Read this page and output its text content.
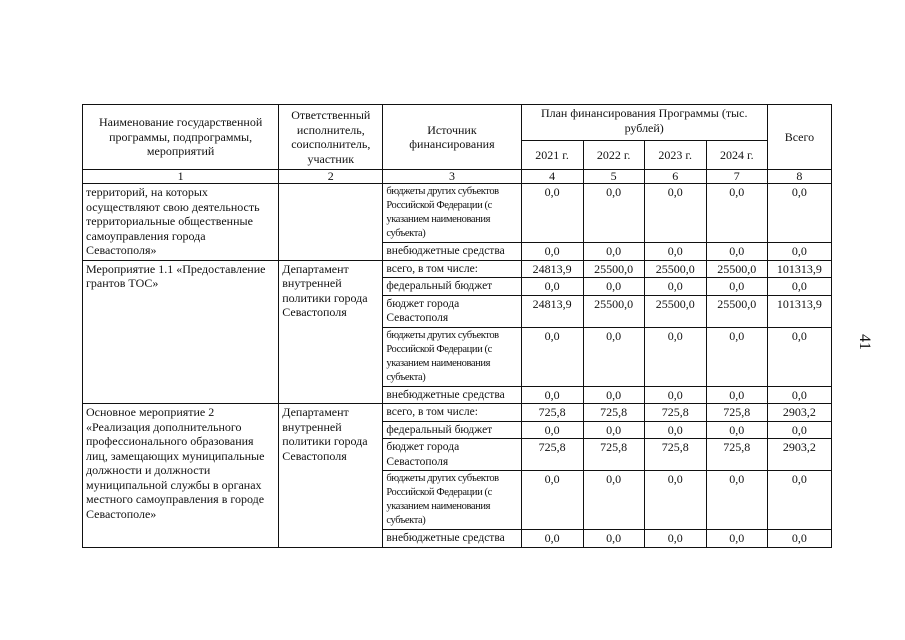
41
Наименование государственной программы, подпрограммы, мероприятий	Ответственный исполнитель, соисполнитель, участник	Источник финансирования	План финансирования Программы (тыс. рублей)				Всего
			2021 г.	2022 г.	2023 г.	2024 г.	
1	2	3	4	5	6	7	8
территорий, на которых осуществляют свою деятельность территориальные общественные самоуправления города Севастополя»		бюджеты других субъектов Российской Федерации (с указанием наименования субъекта)	0,0	0,0	0,0	0,0	0,0
		внебюджетные средства	0,0	0,0	0,0	0,0	0,0
Мероприятие 1.1 «Предоставление грантов ТОС»	Департамент внутренней политики города Севастополя	всего, в том числе:	24813,9	25500,0	25500,0	25500,0	101313,9
		федеральный бюджет	0,0	0,0	0,0	0,0	0,0
		бюджет города Севастополя	24813,9	25500,0	25500,0	25500,0	101313,9
		бюджеты других субъектов Российской Федерации (с указанием наименования субъекта)	0,0	0,0	0,0	0,0	0,0
		внебюджетные средства	0,0	0,0	0,0	0,0	0,0
Основное мероприятие 2 «Реализация дополнительного профессионального образования лиц, замещающих муниципальные должности и должности муниципальной службы в органах местного самоуправления в городе Севастополе»	Департамент внутренней политики города Севастополя	всего, в том числе:	725,8	725,8	725,8	725,8	2903,2
		федеральный бюджет	0,0	0,0	0,0	0,0	0,0
		бюджет города Севастополя	725,8	725,8	725,8	725,8	2903,2
		бюджеты других субъектов Российской Федерации (с указанием наименования субъекта)	0,0	0,0	0,0	0,0	0,0
		внебюджетные средства	0,0	0,0	0,0	0,0	0,0
